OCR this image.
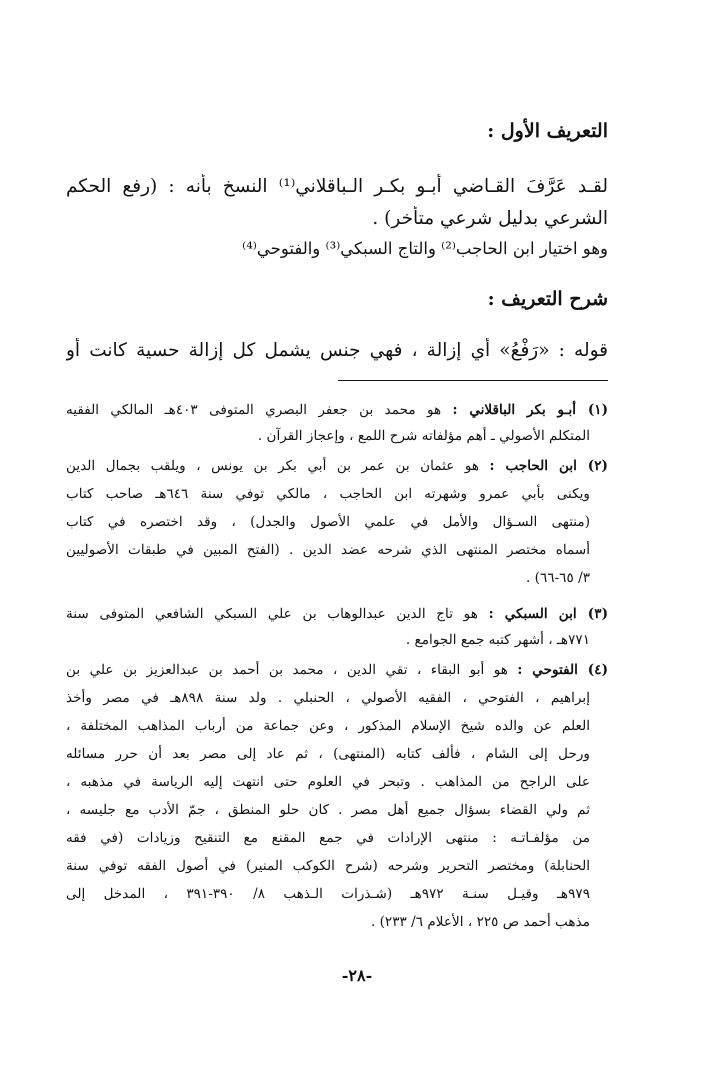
التعريف الأول :
لقـد عَرَّفَ القـاضي أبـو بكـر الـباقلاني⁽¹⁾ النسخ بأنه : (رفع الحكم
الشرعي بدليل شرعي متأخر) .
وهو اختيار ابن الحاجب⁽²⁾ والتاج السبكي⁽³⁾ والفتوحي⁽⁴⁾
شرح التعريف :
قوله : «رَفْعُ» أي إزالة ، فهي جنس يشمل كل إزالة حسية كانت أو
(١) أبـو بكر الباقلاني : هو محمد بن جعفر البصري المتوفى ٤٠٣هـ المالكي الفقيه
المتكلم الأصولي ـ أهم مؤلفاته شرح اللمع ، وإعجاز القرآن .
(٢) ابن الحاجب : هو عثمان بن عمر بن أبي بكر بن يونس ، ويلقب بجمال الدين
ويكنى بأبي عمرو وشهرته ابن الحاجب ، مالكي توفي سنة ٦٤٦هـ صاحب كتاب
(منتهى السـؤال والأمل في علمي الأصول والجدل) ، وقد اختصره في كتاب
أسماه مختصر المنتهى الذي شرحه عضد الدين . (الفتح المبين في طبقات الأصوليين
٣/ ٦٥-٦٦) .
(٣) ابن السبكي : هو تاج الدين عبدالوهاب بن علي السبكي الشافعي المتوفى سنة
٧٧١هـ ، أشهر كتبه جمع الجوامع .
(٤) الفتوحي : هو أبو البقاء ، تقي الدين ، محمد بن أحمد بن عبدالعزيز بن علي بن
إبراهيم ، الفتوحي ، الفقيه الأصولي ، الحنبلي . ولد سنة ٨٩٨هـ في مصر وأخذ
العلم عن والده شيخ الإسلام المذكور ، وعن جماعة من أرباب المذاهب المختلفة ،
ورحل إلى الشام ، فألف كتابه (المنتهى) ، ثم عاد إلى مصر بعد أن حرر مسائله
على الراجح من المذاهب . وتبحر في العلوم حتى انتهت إليه الرياسة في مذهبه ،
ثم ولي القضاء بسؤال جميع أهل مصر . كان حلو المنطق ، جمّ الأدب مع جليسه ،
من مؤلفـاتـه : منتهى الإرادات في جمع المقنع مع التنقيح وزيادات (في فقه
الحنابلة) ومختصر التحرير وشرحه (شرح الكوكب المنير) في أصول الفقه توفي سنة
٩٧٩هـ وقيـل سنـة ٩٧٢هـ (شـذرات الـذهب ٨/ ٣٩٠-٣٩١ ، المدخل إلى
مذهب أحمد ص ٢٢٥ ، الأعلام ٦/ ٢٣٣) .
-٢٨-
